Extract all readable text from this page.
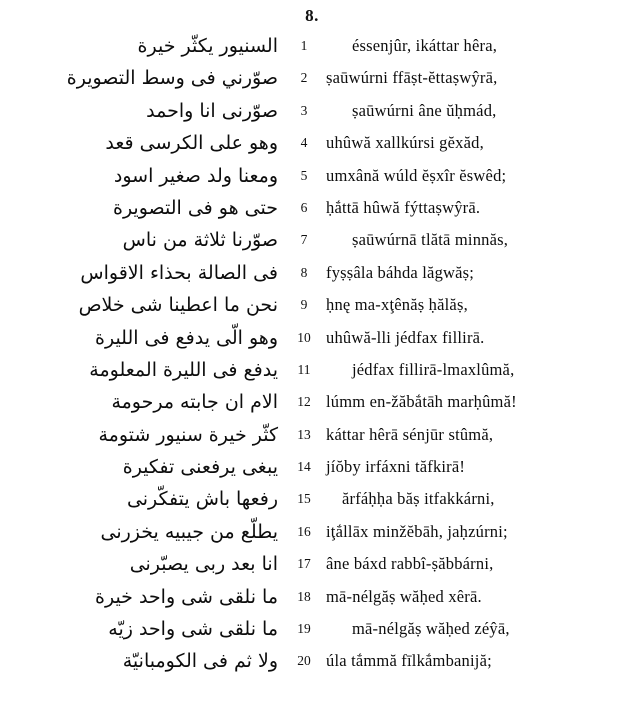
8.
السنيور يكثّر خيرة
صوّرني فى وسط التصويرة
صوّرنى انا واحمد
وهو على الكرسى قعد
ومعنا ولد صغير اسود
حتى هو فى التصويرة
صوّرنا ثلاثة من ناس
فى الصالة بحذاء الاقواس
نحن ما اعطينا شى خلاص
وهو الّى يدفع فى الليرة
يدفع فى الليرة المعلومة
الام ان جابته مرحومة
كثّر خيرة سنيور شتومة
يبغى يرفعنى تفكيرة
رفعها باش يتفكّرنى
يطلّع من جيبيه يخزرنى
انا بعد ربى يصبّرنى
ما نلقى شى واحد خيرة
ما نلقى شى واحد زيّه
ولا ثم فى الكومبانيّة
1
2
3
4
5
6
7
8
9
10
11
12
13
14
15
16
17
18
19
20
éssenjûr, ikáttar hêra,
ṣaūwúrni ffāṣt-ĕttaṣwŷrā,
ṣaūwúrni âne ŭḥmád,
uhûwă xallkúrsi gĕxăd,
umxână wúld ĕṣxîr ĕswêd;
ḥắttā hûwă fýttaṣwŷrā.
ṣaūwúrnā tlătā minnăs,
fyṣṣâla báhda lăgwăṣ;
ḥnę ma-xţênăṣ ḥălăṣ,
uhûwă-lli jédfax fillirā.
jédfax fillirā-lmaxlûmă,
lúmm en-žăbắtāh marḥûmă!
káttar hêrā sénjūr stûmă,
jíŏby irfáxni tăfkirā!
ărfáḥḥa băṣ itfakkárni,
iţắllāx minžĕbāh, jaḥzúrni;
âne báxd rabbî-ṣăbbárni,
mā-nélgăṣ wăḥed xêrā.
mā-nélgăṣ wăḥed zéŷā,
úla tắmmă fīlkắmbanijă;
